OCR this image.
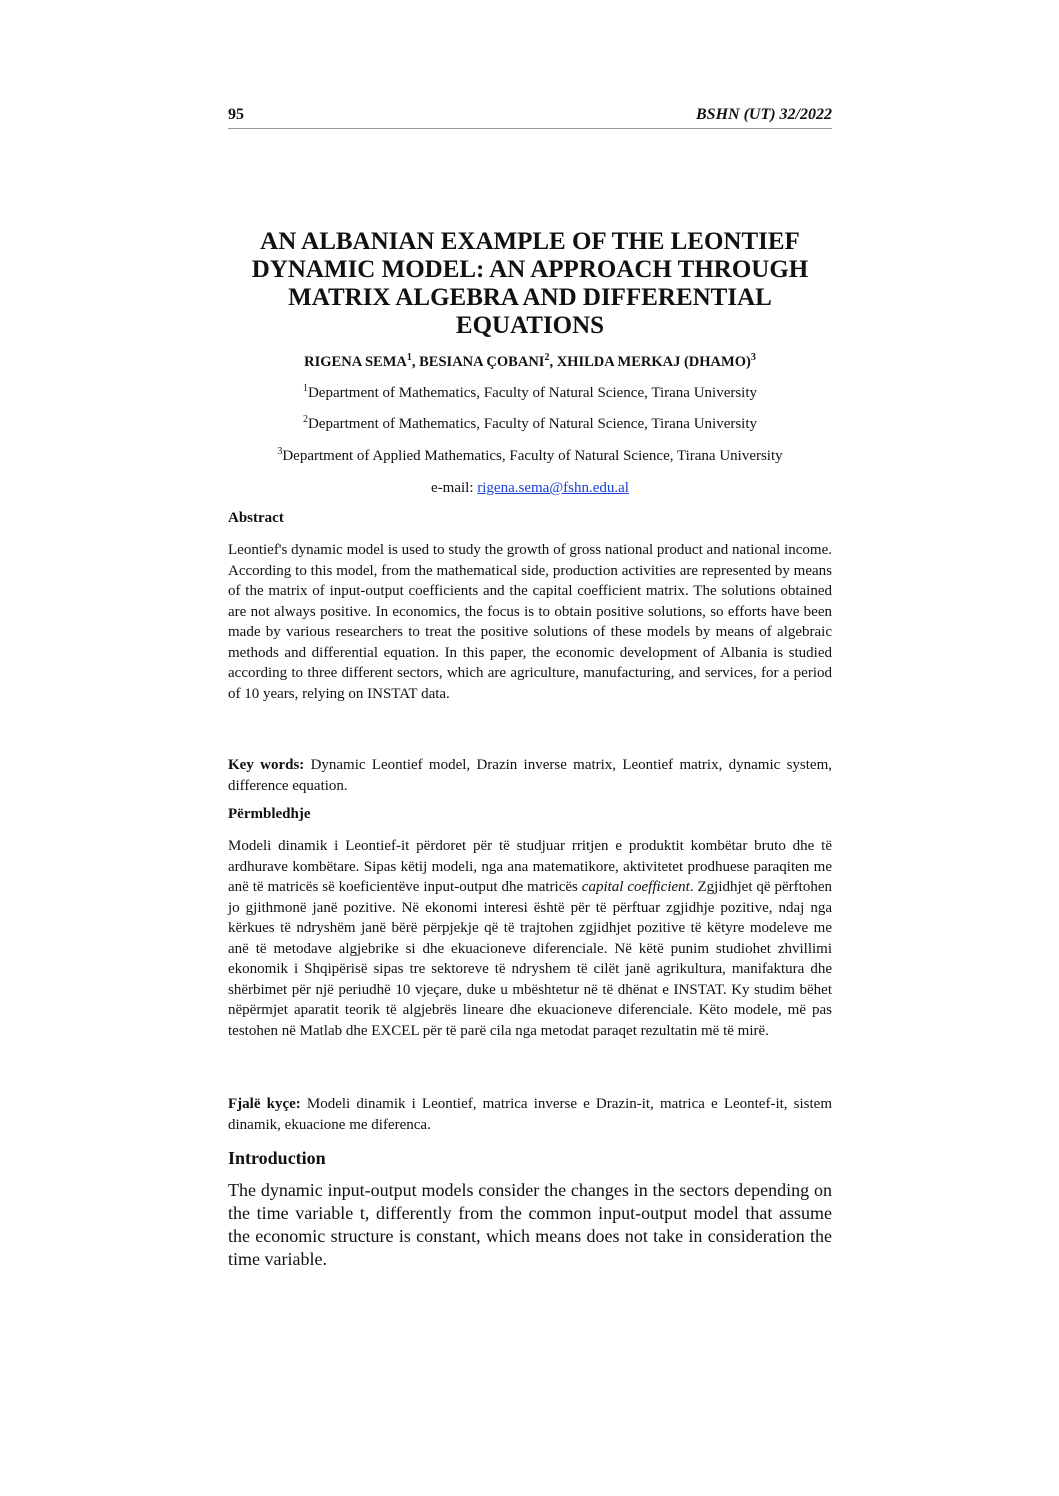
95	BSHN (UT) 32/2022
AN ALBANIAN EXAMPLE OF THE LEONTIEF DYNAMIC MODEL: AN APPROACH THROUGH MATRIX ALGEBRA AND DIFFERENTIAL EQUATIONS
RIGENA SEMA$^1$, BESIANA ÇOBANI$^2$, XHILDA MERKAJ (DHAMO)$^3$
$^1$Department of Mathematics, Faculty of Natural Science, Tirana University
$^2$Department of Mathematics, Faculty of Natural Science, Tirana University
$^3$Department of Applied Mathematics, Faculty of Natural Science, Tirana University
e-mail: rigena.sema@fshn.edu.al
Abstract
Leontief's dynamic model is used to study the growth of gross national product and national income. According to this model, from the mathematical side, production activities are represented by means of the matrix of input-output coefficients and the capital coefficient matrix. The solutions obtained are not always positive. In economics, the focus is to obtain positive solutions, so efforts have been made by various researchers to treat the positive solutions of these models by means of algebraic methods and differential equation. In this paper, the economic development of Albania is studied according to three different sectors, which are agriculture, manufacturing, and services, for a period of 10 years, relying on INSTAT data.
Key words: Dynamic Leontief model, Drazin inverse matrix, Leontief matrix, dynamic system, difference equation.
Përmbledhje
Modeli dinamik i Leontief-it përdoret për të studjuar rritjen e produktit kombëtar bruto dhe të ardhurave kombëtare. Sipas këtij modeli, nga ana matematikore, aktivitetet prodhuese paraqiten me anë të matricës së koeficientëve input-output dhe matricës capital coefficient. Zgjidhjet që përftohen jo gjithmonë janë pozitive. Në ekonomi interesi është për të përftuar zgjidhje pozitive, ndaj nga kërkues të ndryshëm janë bërë përpjekje që të trajtohen zgjidhjet pozitive të këtyre modeleve me anë të metodave algjebrike si dhe ekuacioneve diferenciale. Në këtë punim studiohet zhvillimi ekonomik i Shqipërisë sipas tre sektoreve të ndryshem të cilët janë agrikultura, manifaktura dhe shërbimet për një periudhë 10 vjeçare, duke u mbështetur në të dhënat e INSTAT. Ky studim bëhet nëpërmjet aparatit teorik të algjebrës lineare dhe ekuacioneve diferenciale. Këto modele, më pas testohen në Matlab dhe EXCEL për të parë cila nga metodat paraqet rezultatin më të mirë.
Fjalë kyçe: Modeli dinamik i Leontief, matrica inverse e Drazin-it, matrica e Leontef-it, sistem dinamik, ekuacione me diferenca.
Introduction
The dynamic input-output models consider the changes in the sectors depending on the time variable t, differently from the common input-output model that assume the economic structure is constant, which means does not take in consideration the time variable.
